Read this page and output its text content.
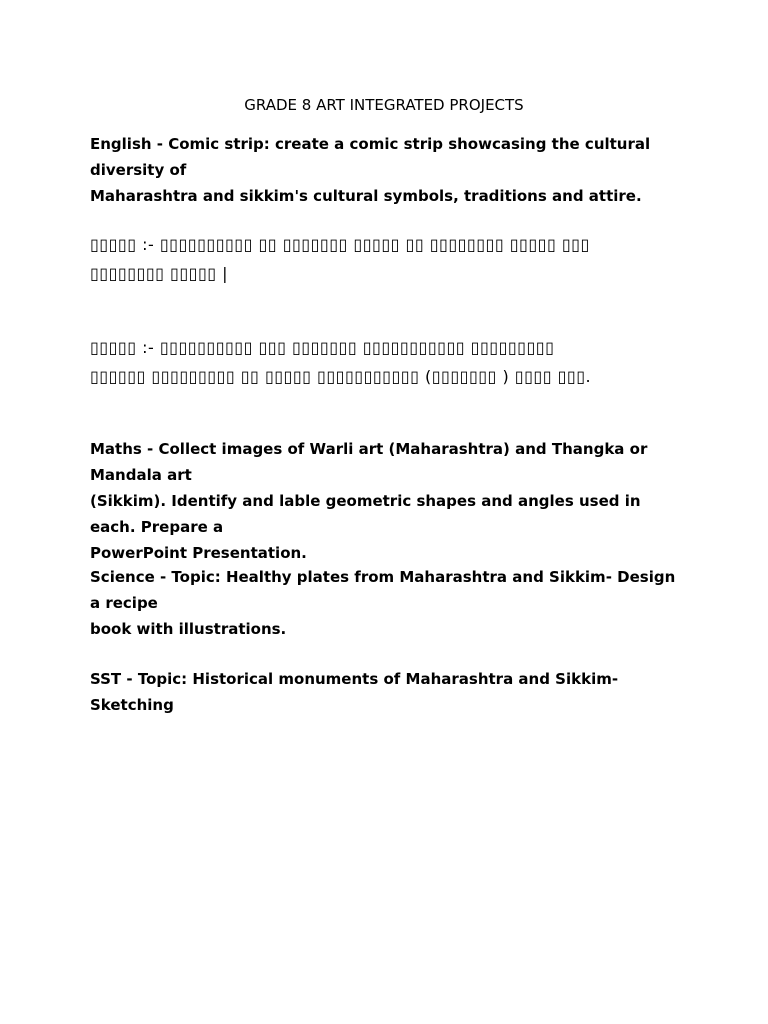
GRADE 8 ART INTEGRATED PROJECTS
English - Comic strip: create a comic strip showcasing the cultural diversity of
Maharashtra and sikkim's cultural symbols, traditions and attire.
▯▯▯▯▯ :- ▯▯▯▯▯▯▯▯▯▯ ▯▯ ▯▯▯▯▯▯▯ ▯▯▯▯▯ ▯▯ ▯▯▯▯▯▯▯▯ ▯▯▯▯▯ ▯▯▯
▯▯▯▯▯▯▯▯ ▯▯▯▯▯ |
▯▯▯▯▯ :- ▯▯▯▯▯▯▯▯▯▯ ▯▯▯ ▯▯▯▯▯▯▯ ▯▯▯▯▯▯▯▯▯▯▯ ▯▯▯▯▯▯▯▯▯
▯▯▯▯▯▯ ▯▯▯▯▯▯▯▯▯ ▯▯ ▯▯▯▯▯ ▯▯▯▯▯▯▯▯▯▯▯ (▯▯▯▯▯▯▯ ) ▯▯▯▯ ▯▯▯.
Maths - Collect images of Warli art (Maharashtra) and Thangka or Mandala art
(Sikkim). Identify and lable geometric shapes and angles used in each. Prepare a
PowerPoint Presentation.
Science - Topic: Healthy plates from Maharashtra and Sikkim- Design a recipe
book with illustrations.
SST - Topic: Historical monuments of Maharashtra and Sikkim-Sketching
